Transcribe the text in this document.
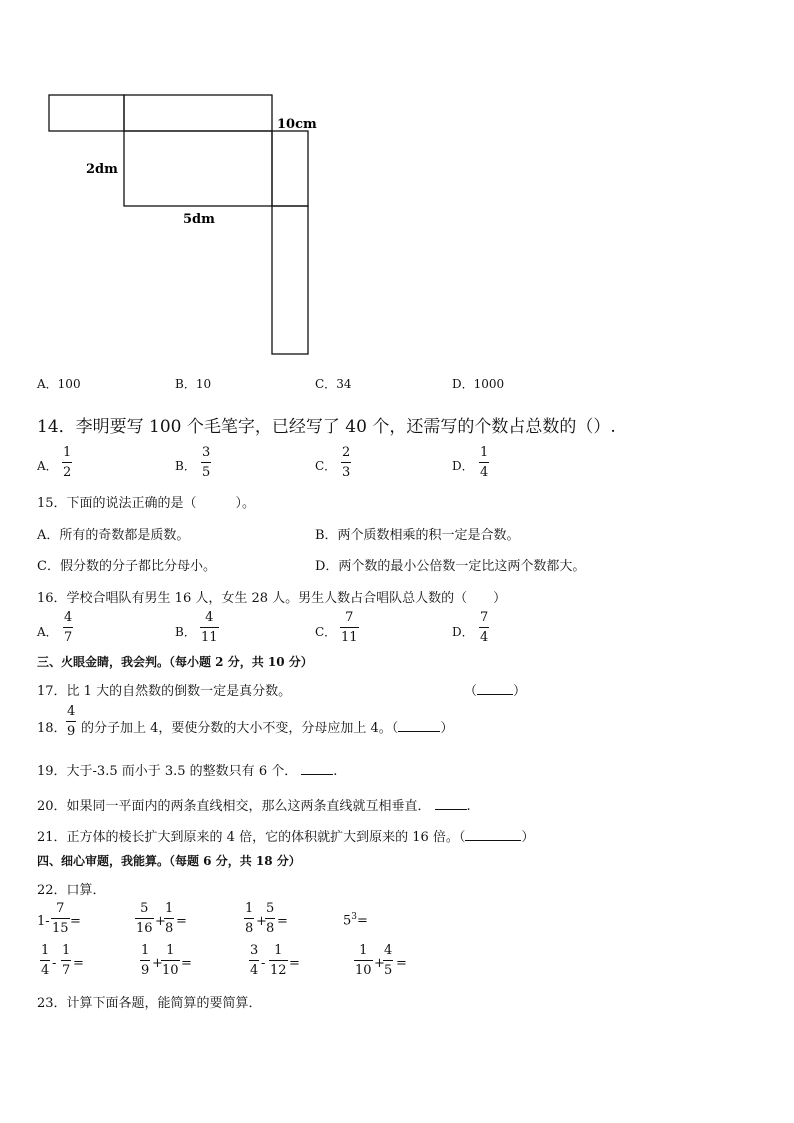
10cm
2dm
5dm
A．100	B．10	C．34	D．1000
14．李明要写 100 个毛笔字，已经写了 40 个，还需写的个数占总数的（）.
A．
1
2	B．
3
5	C．
2
3	D．
1
4
15．下面的说法正确的是（　　　）。
A．所有的奇数都是质数。	B．两个质数相乘的积一定是合数。
C．假分数的分子都比分母小。	D．两个数的最小公倍数一定比这两个数都大。
16．学校合唱队有男生 16 人，女生 28 人。男生人数占合唱队总人数的（　　）
A．
4
7	B．
4
11	C．
7
11	D．
7
4
三、火眼金睛，我会判。（每小题 2 分，共 10 分）
17．比 1 大的自然数的倒数一定是真分数。	（	）
18．
4
9 的分子加上 4，要使分数的大小不变，分母应加上 4。（	）
19．大于-3.5 而小于 3.5 的整数只有 6 个．	.
20．如果同一平面内的两条直线相交，那么这两条直线就互相垂直．	.
21．正方体的棱长扩大到原来的 4 倍，它的体积就扩大到原来的 16 倍。（	）
四、细心审题，我能算。（每题 6 分，共 18 分）
22．口算．
1-
7
15 =
5
16 +
1
8 =
1
8 +
5
8 =	$5^3=$
1
4 -
1
7 =
1
9 +
1
10 =
3
4 -
1
12 =
1
10 +
4
5 =
23．计算下面各题，能简算的要简算．
